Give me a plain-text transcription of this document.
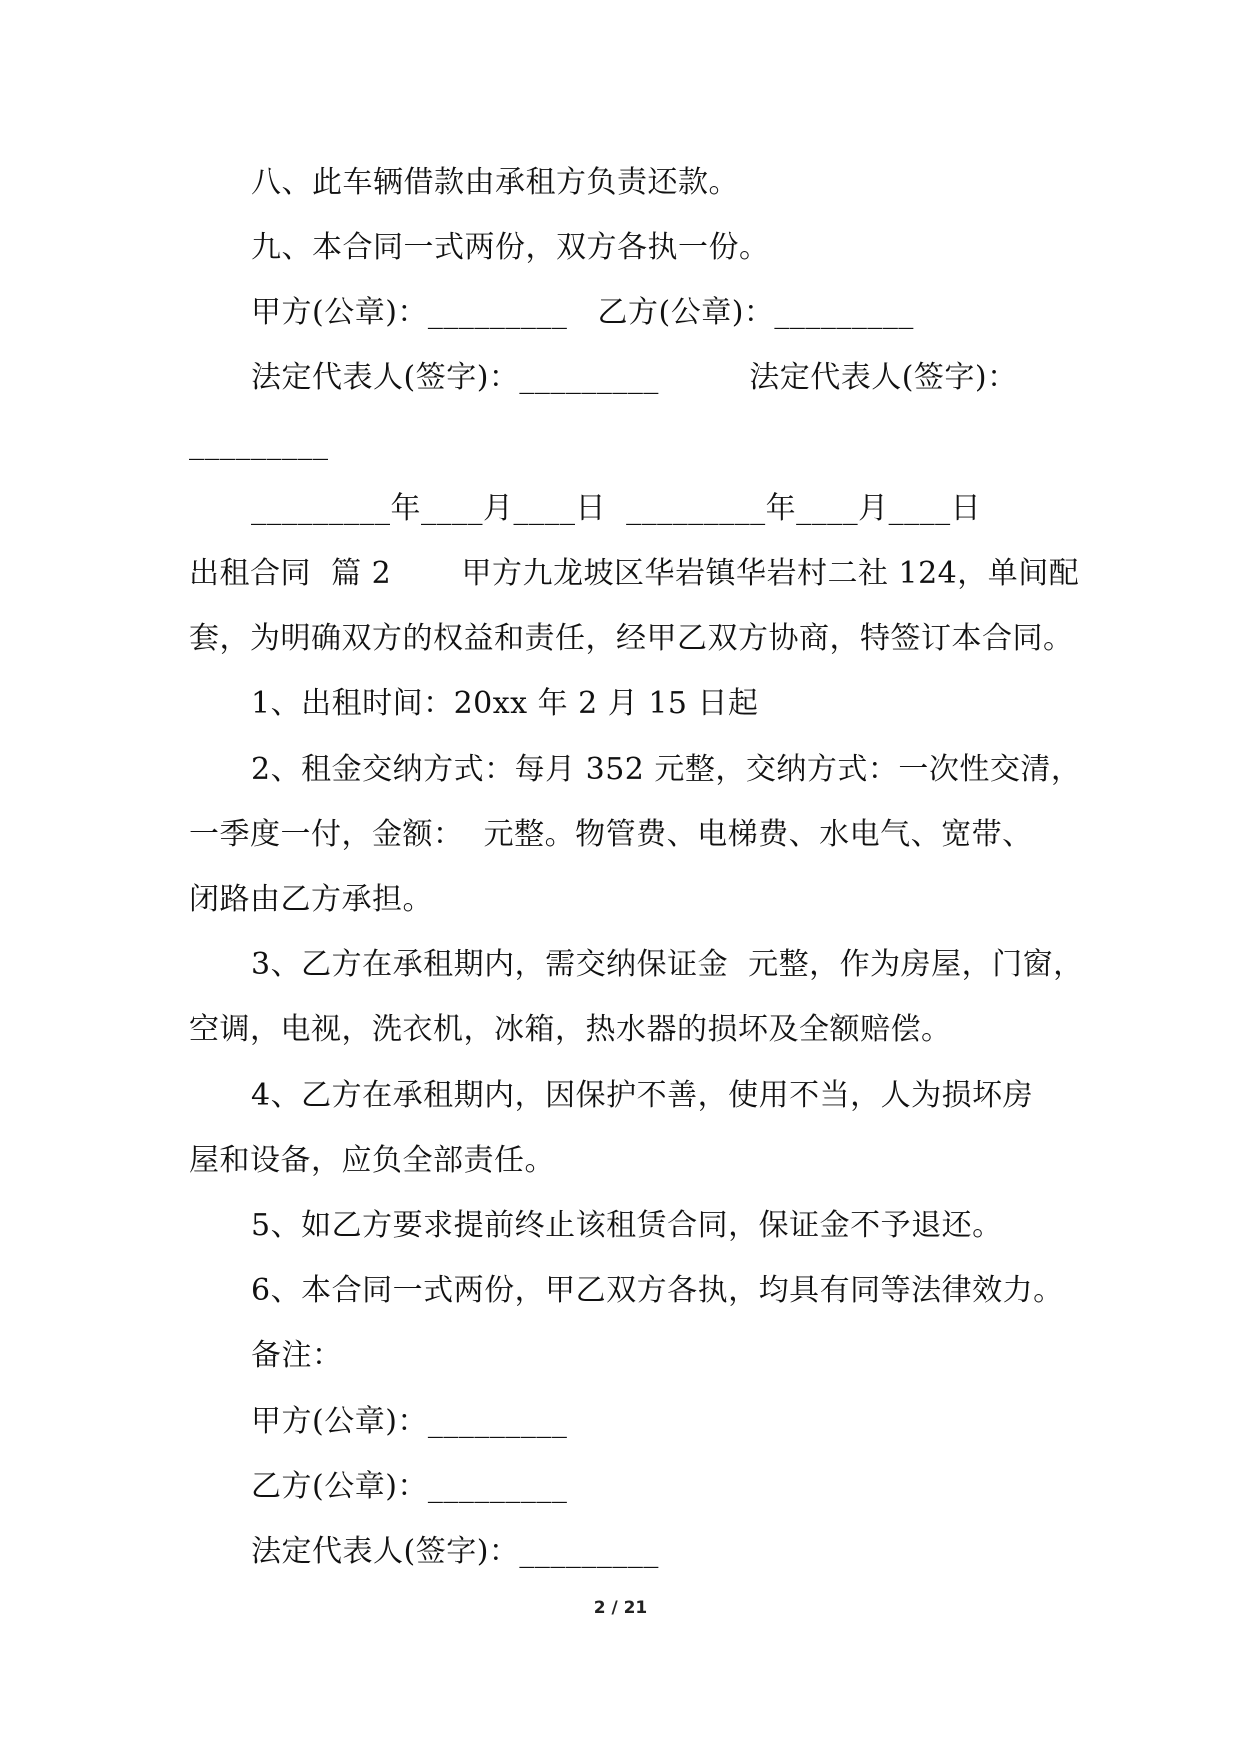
八、此车辆借款由承租方负责还款。
九、本合同一式两份，双方各执一份。
甲方(公章)：_________   乙方(公章)：_________
法定代表人(签字)：_________         法定代表人(签字)：
_________
_________年____月____日  _________年____月____日
出租合同  篇 2       甲方九龙坡区华岩镇华岩村二社 124，单间配
套，为明确双方的权益和责任，经甲乙双方协商，特签订本合同。
1、出租时间：20xx 年 2 月 15 日起
2、租金交纳方式：每月 352 元整，交纳方式：一次性交清，
一季度一付，金额：  元整。物管费、电梯费、水电气、宽带、
闭路由乙方承担。
3、乙方在承租期内，需交纳保证金  元整，作为房屋，门窗，
空调，电视，洗衣机，冰箱，热水器的损坏及全额赔偿。
4、乙方在承租期内，因保护不善，使用不当，人为损坏房
屋和设备，应负全部责任。
5、如乙方要求提前终止该租赁合同，保证金不予退还。
6、本合同一式两份，甲乙双方各执，均具有同等法律效力。
备注：
甲方(公章)：_________
乙方(公章)：_________
法定代表人(签字)：_________
2 / 21
